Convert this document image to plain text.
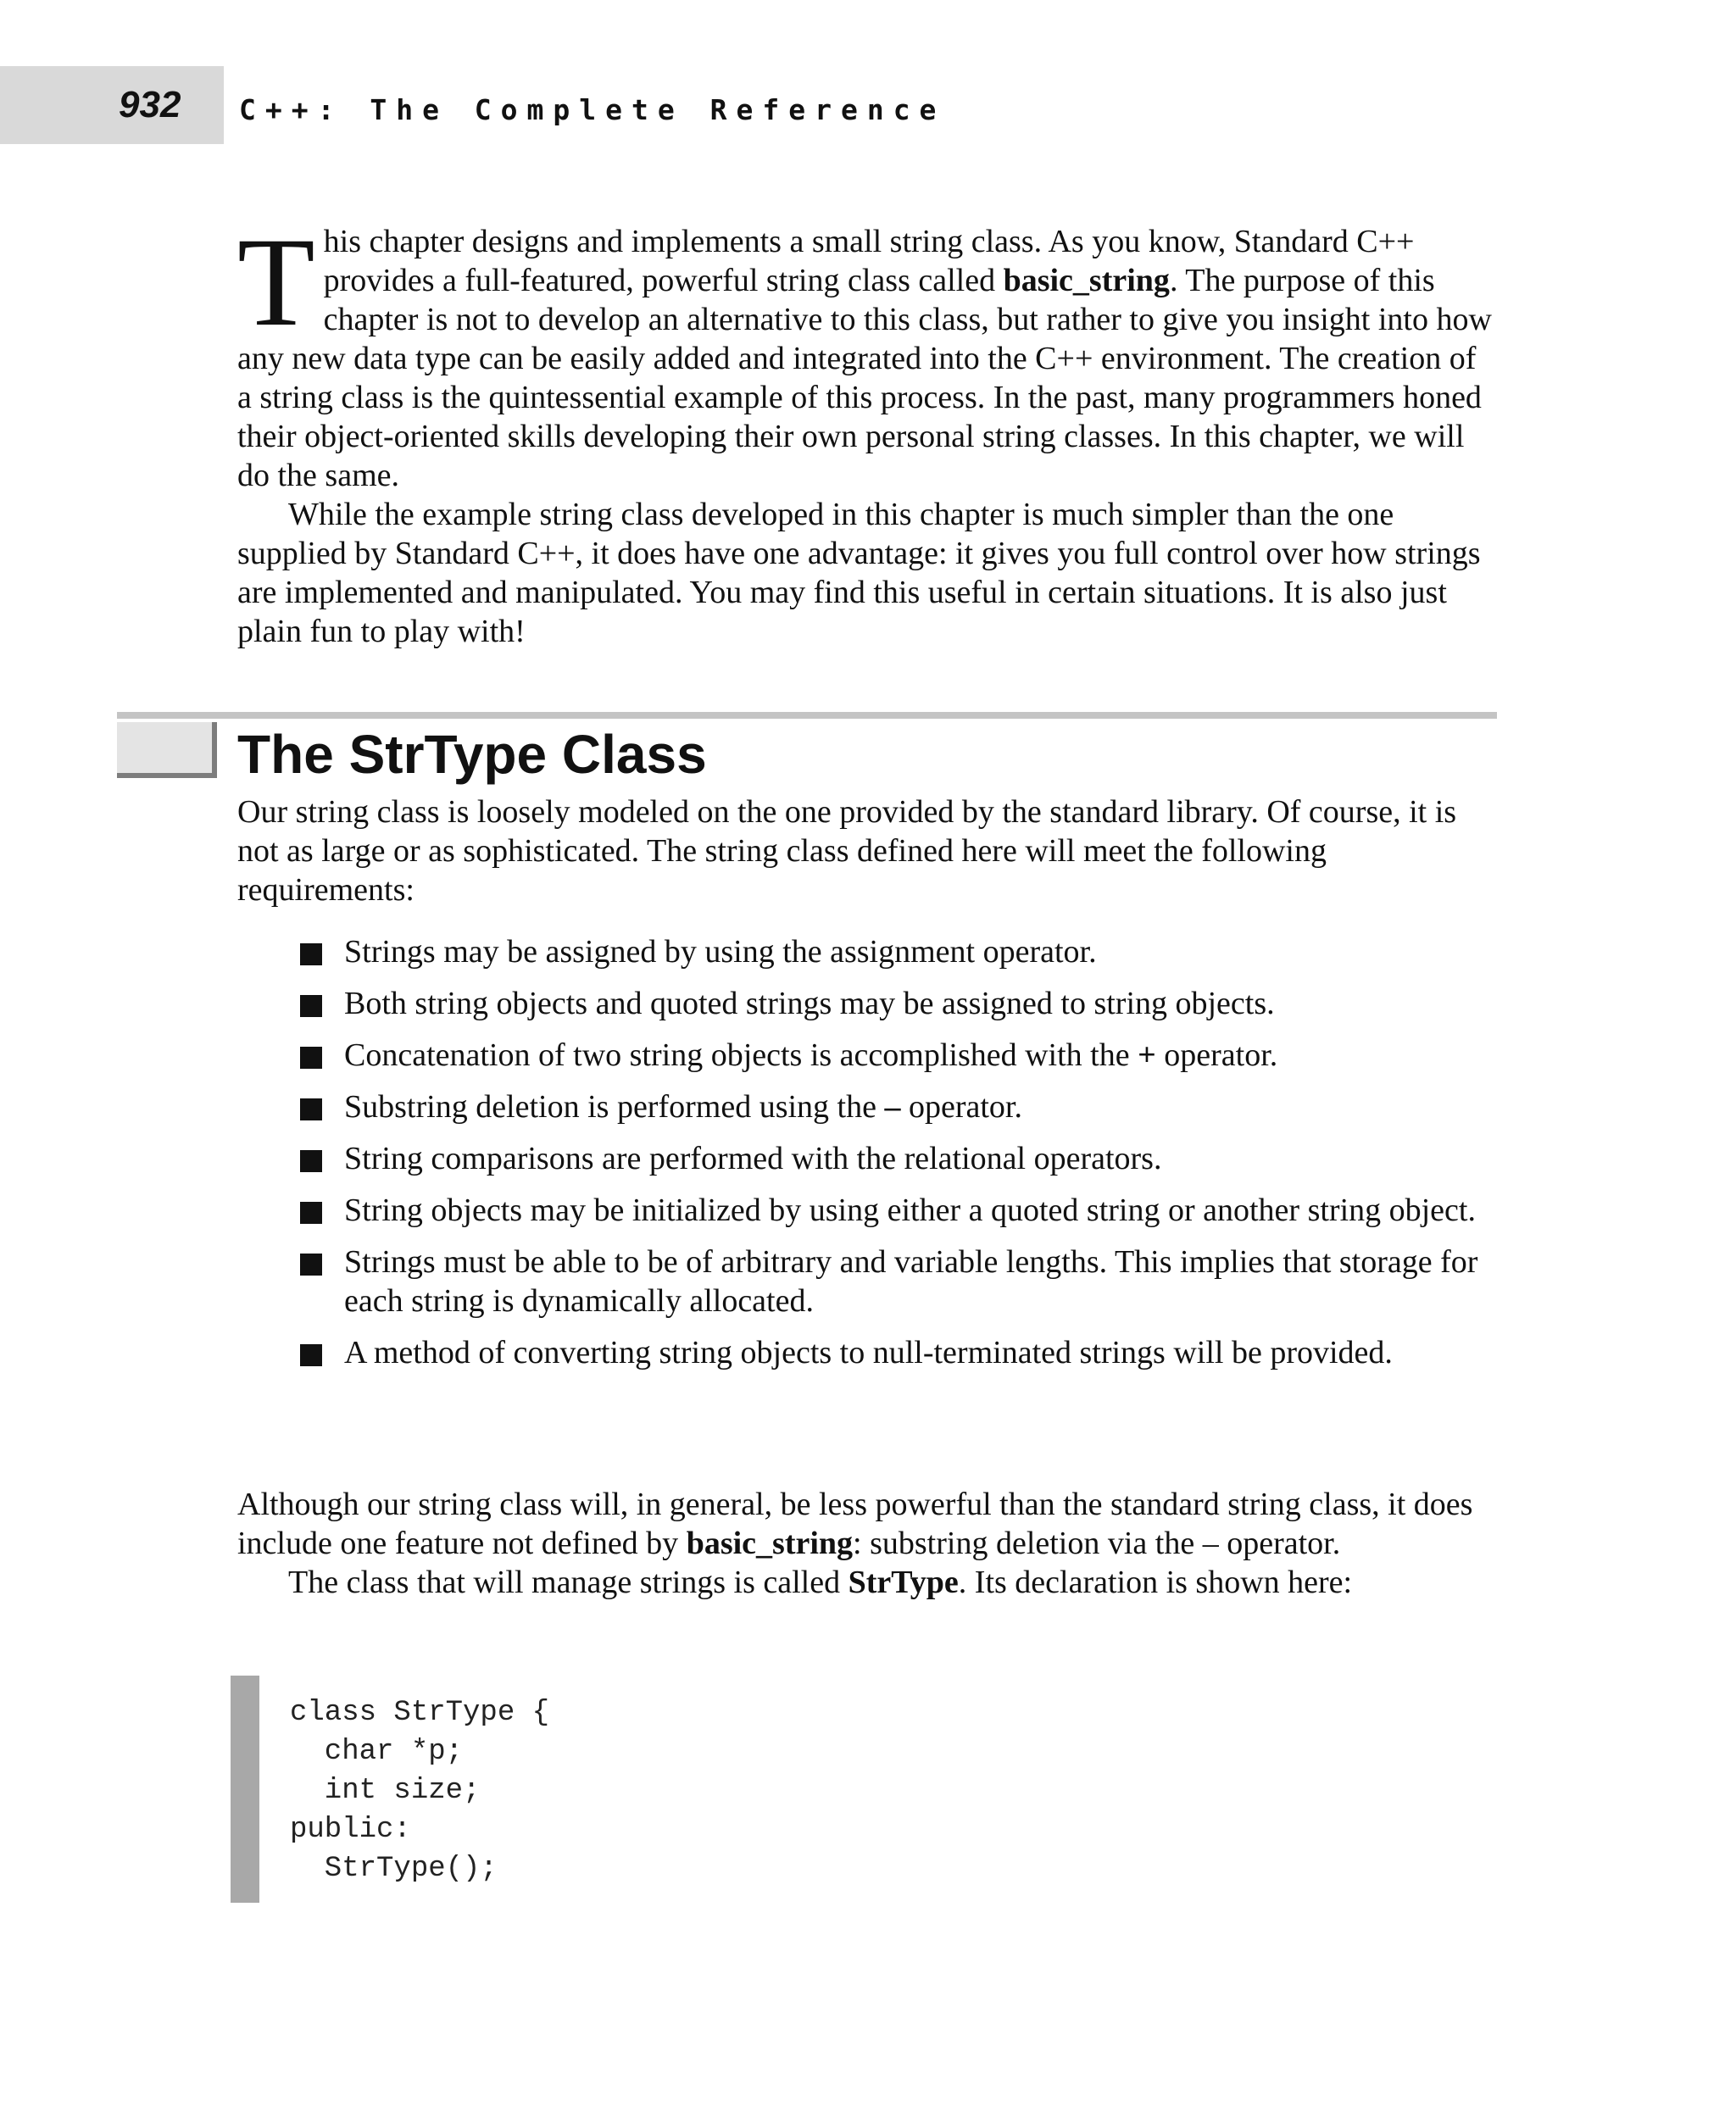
932 C++: The Complete Reference

This chapter designs and implements a small string class. As you know, Standard C++ provides a full-featured, powerful string class called basic_string. The purpose of this chapter is not to develop an alternative to this class, but rather to give you insight into how any new data type can be easily added and integrated into the C++ environment. The creation of a string class is the quintessential example of this process. In the past, many programmers honed their object-oriented skills developing their own personal string classes. In this chapter, we will do the same.

While the example string class developed in this chapter is much simpler than the one supplied by Standard C++, it does have one advantage: it gives you full control over how strings are implemented and manipulated. You may find this useful in certain situations. It is also just plain fun to play with!

The StrType Class

Our string class is loosely modeled on the one provided by the standard library. Of course, it is not as large or as sophisticated. The string class defined here will meet the following requirements:

Strings may be assigned by using the assignment operator.
Both string objects and quoted strings may be assigned to string objects.
Concatenation of two string objects is accomplished with the + operator.
Substring deletion is performed using the – operator.
String comparisons are performed with the relational operators.
String objects may be initialized by using either a quoted string or another string object.
Strings must be able to be of arbitrary and variable lengths. This implies that storage for each string is dynamically allocated.
A method of converting string objects to null-terminated strings will be provided.

Although our string class will, in general, be less powerful than the standard string class, it does include one feature not defined by basic_string: substring deletion via the – operator.

The class that will manage strings is called StrType. Its declaration is shown here:

class StrType {
char *p;
int size;
public:
StrType();
